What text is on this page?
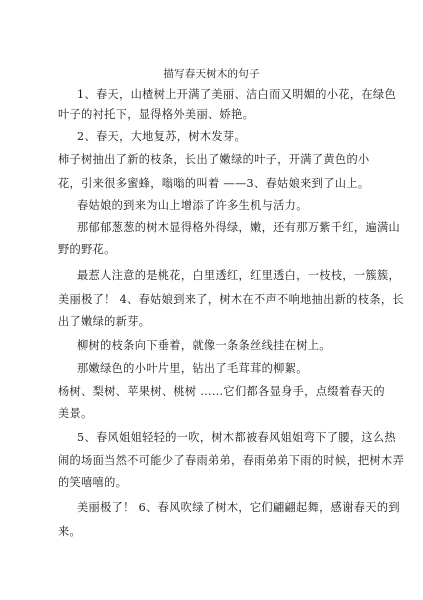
描写春天树木的句子
1、春天，山楂树上开满了美丽、洁白而又明媚的小花，在绿色
叶子的衬托下，显得格外美丽、娇艳。
2、春天，大地复苏，树木发芽。
柿子树抽出了新的枝条，长出了嫩绿的叶子，开满了黄色的小
花，引来很多蜜蜂，嗡嗡的叫着 ——3、春姑娘来到了山上。
春姑娘的到来为山上增添了许多生机与活力。
那郁郁葱葱的树木显得格外得绿，嫩，还有那万紫千红，遍满山
野的野花。
最惹人注意的是桃花，白里透红，红里透白，一枝枝，一簇簇，
美丽极了！ 4、春姑娘到来了，树木在不声不响地抽出新的枝条，长
出了嫩绿的新芽。
柳树的枝条向下垂着，就像一条条丝线挂在树上。
那嫩绿色的小叶片里，钻出了毛茸茸的柳絮。
杨树、梨树、苹果树、桃树 ……它们都各显身手，点缀着春天的
美景。
5、春风姐姐轻轻的一吹，树木都被春风姐姐弯下了腰，这么热
闹的场面当然不可能少了春雨弟弟，春雨弟弟下雨的时候，把树木弄
的笑嘻嘻的。
美丽极了！ 6、春风吹绿了树木，它们翩翩起舞，感谢春天的到
来。
